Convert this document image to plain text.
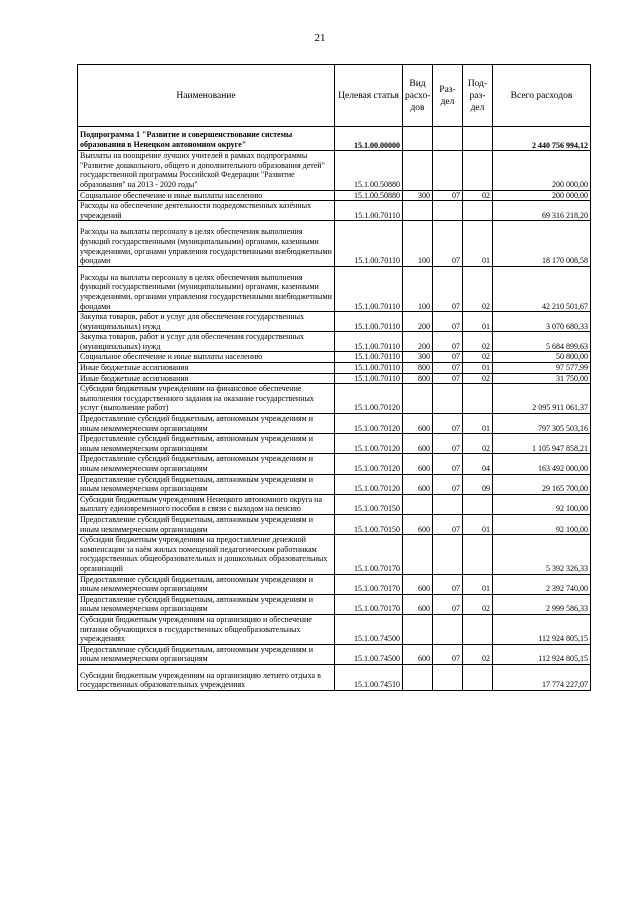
21
Наименование	Целевая статья	Вид расхо-дов	Раз-дел	Под-раз-дел	Всего расходов
Подпрограмма 1 "Развитие и совершенствование системы образования в Ненецком автономном округе"	15.1.00.00000				2 440 756 994,12
Выплаты на поощрение лучших учителей в рамках подпрограммы "Развитие дошкольного, общего и дополнительного образования детей" государственной программы Российской Федерации "Развитие образования" на 2013 - 2020 годы"	15.1.00.50880				200 000,00
Социальное обеспечение и иные выплаты населению	15.1.00.50880	300	07	02	200 000,00
Расходы на обеспечение деятельности подведомственных казённых учреждений	15.1.00.70110				69 316 218,20
Расходы на выплаты персоналу в целях обеспечения выполнения функций государственными (муниципальными) органами, казенными учреждениями, органами управления государственными внебюджетными фондами	15.1.00.70110	100	07	01	18 170 008,58
Расходы на выплаты персоналу в целях обеспечения выполнения функций государственными (муниципальными) органами, казенными учреждениями, органами управления государственными внебюджетными фондами	15.1.00.70110	100	07	02	42 210 501,67
Закупка товаров, работ и услуг для обеспечения государственных (муниципальных) нужд	15.1.00.70110	200	07	01	3 070 680,33
Закупка товаров, работ и услуг для обеспечения государственных (муниципальных) нужд	15.1.00.70110	200	07	02	5 684 899,63
Социальное обеспечение и иные выплаты населению	15.1.00.70110	300	07	02	50 800,00
Иные бюджетные ассигнования	15.1.00.70110	800	07	01	97 577,99
Иные бюджетные ассигнования	15.1.00.70110	800	07	02	31 750,00
Субсидии бюджетным учреждениям на финансовое обеспечение выполнения государственного задания на оказание государственных услуг (выполнение работ)	15.1.00.70120				2 095 911 061,37
Предоставление субсидий бюджетным, автономным учреждениям и иным некоммерческим организациям	15.1.00.70120	600	07	01	797 305 503,16
Предоставление субсидий бюджетным, автономным учреждениям и иным некоммерческим организациям	15.1.00.70120	600	07	02	1 105 947 858,21
Предоставление субсидий бюджетным, автономным учреждениям и иным некоммерческим организациям	15.1.00.70120	600	07	04	163 492 000,00
Предоставление субсидий бюджетным, автономным учреждениям и иным некоммерческим организациям	15.1.00.70120	600	07	09	29 165 700,00
Субсидии бюджетным учреждениям Ненецкого автономного округа на выплату единовременного пособия в связи с выходом на пенсию	15.1.00.70150				92 100,00
Предоставление субсидий бюджетным, автономным учреждениям и иным некоммерческим организациям	15.1.00.70150	600	07	01	92 100,00
Субсидии бюджетным учреждениям на предоставление денежной компенсации за наём жилых помещений педагогическим работникам государственных общеобразовательных и дошкольных образовательных организаций	15.1.00.70170				5 392 326,33
Предоставление субсидий бюджетным, автономным учреждениям и иным некоммерческим организациям	15.1.00.70170	600	07	01	2 392 740,00
Предоставление субсидий бюджетным, автономным учреждениям и иным некоммерческим организациям	15.1.00.70170	600	07	02	2 999 586,33
Субсидии бюджетным учреждениям на организацию и обеспечение питания обучающихся в государственных общеобразовательных учреждениях	15.1.00.74500				112 924 805,15
Предоставление субсидий бюджетным, автономным учреждениям и иным некоммерческим организациям	15.1.00.74500	600	07	02	112 924 805,15
Субсидии бюджетным учреждениям на организацию летнего отдыха в государственных образовательных учреждениях	15.1.00.74510				17 774 227,07
